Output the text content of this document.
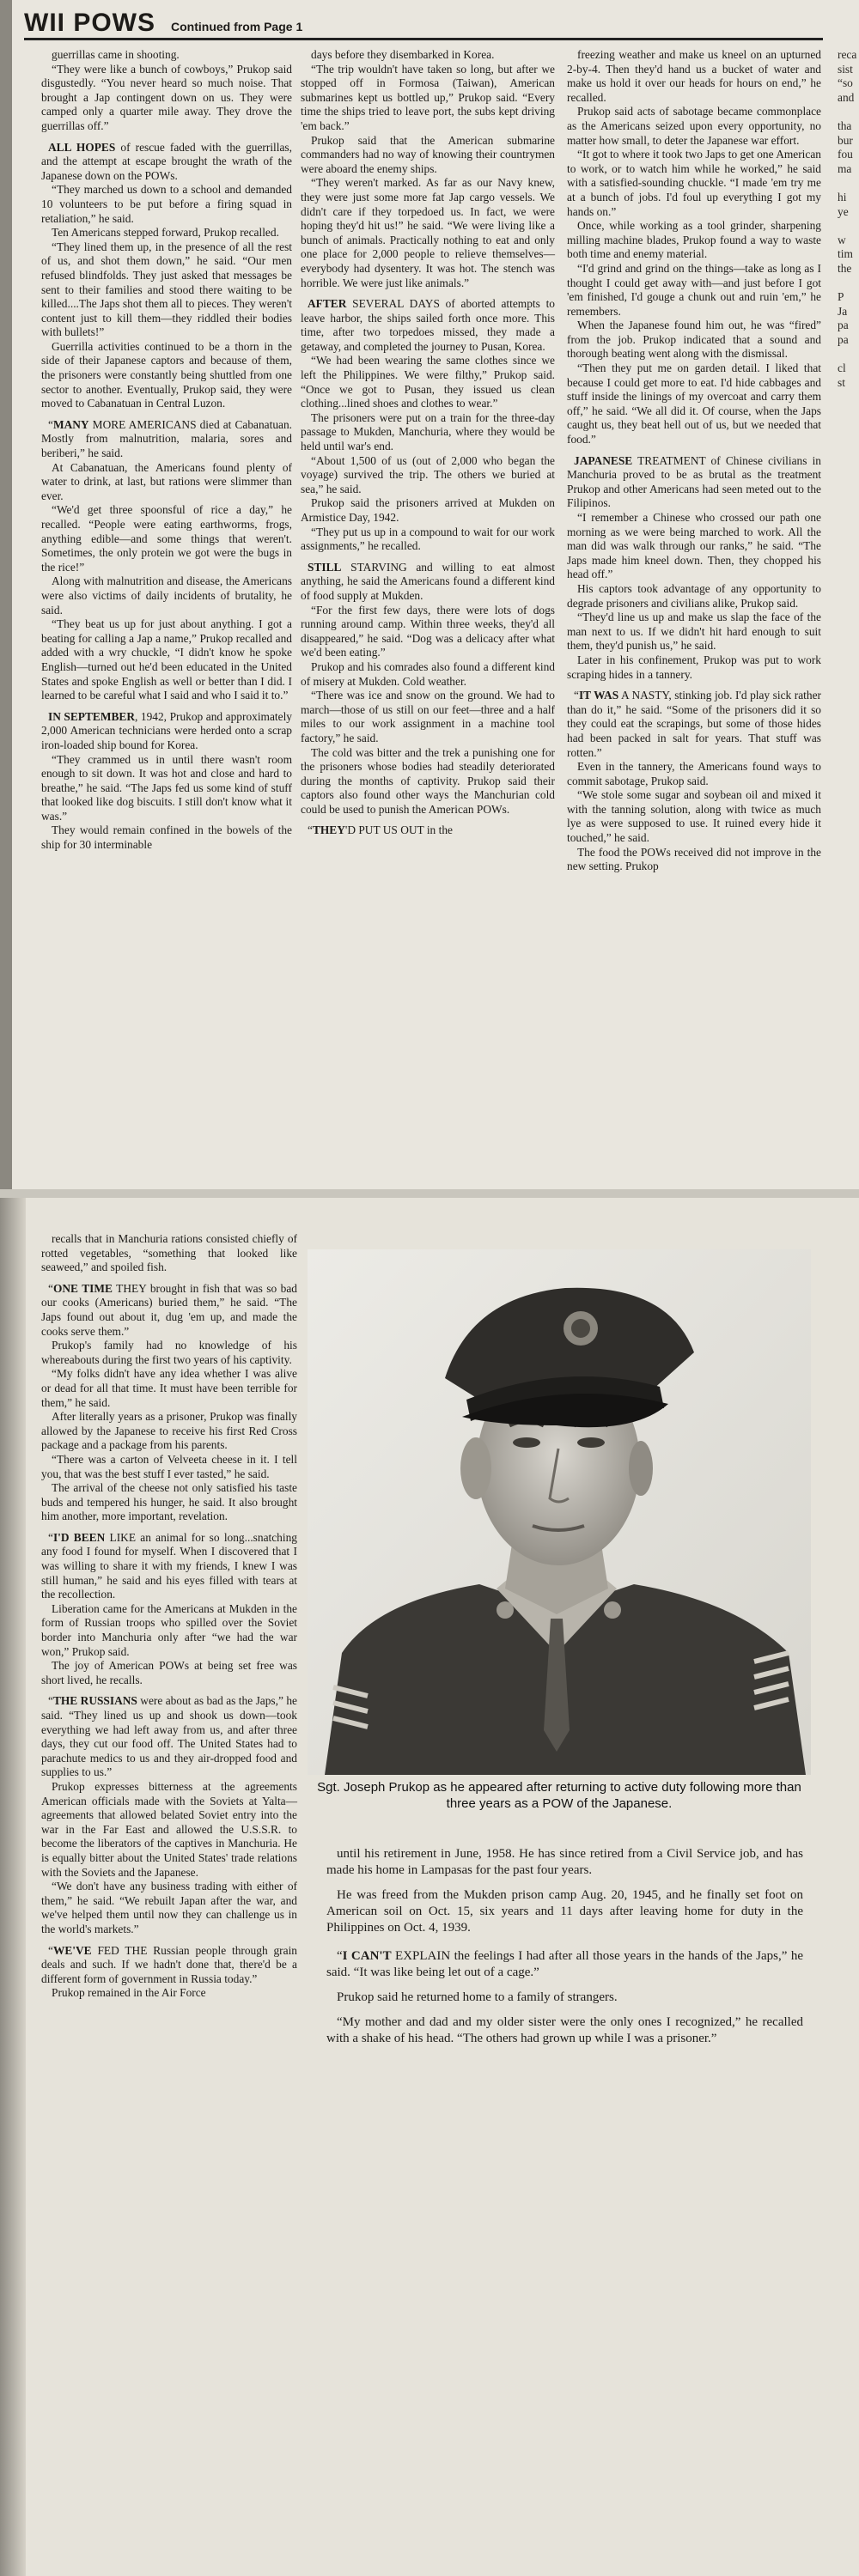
WII POWS Continued from Page 1

guerrillas came in shooting.

“They were like a bunch of cowboys,” Prukop said disgustedly. “You never heard so much noise. That brought a Jap contingent down on us. They were camped only a quarter mile away. They drove the guerrillas off.”

ALL HOPES of rescue faded with the guerrillas, and the attempt at escape brought the wrath of the Japanese down on the POWs.

“They marched us down to a school and demanded 10 volunteers to be put before a firing squad in retaliation,” he said.

Ten Americans stepped forward, Prukop recalled.

“They lined them up, in the presence of all the rest of us, and shot them down,” he said. “Our men refused blindfolds. They just asked that messages be sent to their families and stood there waiting to be killed....The Japs shot them all to pieces. They weren't content just to kill them—they riddled their bodies with bullets!”

Guerrilla activities continued to be a thorn in the side of their Japanese captors and because of them, the prisoners were constantly being shuttled from one sector to another. Eventually, Prukop said, they were moved to Cabanatuan in Central Luzon.

“MANY MORE AMERICANS died at Cabanatuan. Mostly from malnutrition, malaria, sores and beriberi,” he said.

At Cabanatuan, the Americans found plenty of water to drink, at last, but rations were slimmer than ever.

“We'd get three spoonsful of rice a day,” he recalled. “People were eating earthworms, frogs, anything edible—and some things that weren't. Sometimes, the only protein we got were the bugs in the rice!”

Along with malnutrition and disease, the Americans were also victims of daily incidents of brutality, he said.

“They beat us up for just about anything. I got a beating for calling a Jap a name,” Prukop recalled and added with a wry chuckle, “I didn't know he spoke English—turned out he'd been educated in the United States and spoke English as well or better than I did. I learned to be careful what I said and who I said it to.”

IN SEPTEMBER, 1942, Prukop and approximately 2,000 American technicians were herded onto a scrap iron-loaded ship bound for Korea.

“They crammed us in until there wasn't room enough to sit down. It was hot and close and hard to breathe,” he said. “The Japs fed us some kind of stuff that looked like dog biscuits. I still don't know what it was.”

They would remain confined in the bowels of the ship for 30 interminable

days before they disembarked in Korea.

“The trip wouldn't have taken so long, but after we stopped off in Formosa (Taiwan), American submarines kept us bottled up,” Prukop said. “Every time the ships tried to leave port, the subs kept driving 'em back.”

Prukop said that the American submarine commanders had no way of knowing their countrymen were aboard the enemy ships.

“They weren't marked. As far as our Navy knew, they were just some more fat Jap cargo vessels. We didn't care if they torpedoed us. In fact, we were hoping they'd hit us!” he said. “We were living like a bunch of animals. Practically nothing to eat and only one place for 2,000 people to relieve themselves—everybody had dysentery. It was hot. The stench was horrible. We were just like animals.”

AFTER SEVERAL DAYS of aborted attempts to leave harbor, the ships sailed forth once more. This time, after two torpedoes missed, they made a getaway, and completed the journey to Pusan, Korea.

“We had been wearing the same clothes since we left the Philippines. We were filthy,” Prukop said. “Once we got to Pusan, they issued us clean clothing...lined shoes and clothes to wear.”

The prisoners were put on a train for the three-day passage to Mukden, Manchuria, where they would be held until war's end.

“About 1,500 of us (out of 2,000 who began the voyage) survived the trip. The others we buried at sea,” he said.

Prukop said the prisoners arrived at Mukden on Armistice Day, 1942.

“They put us up in a compound to wait for our work assignments,” he recalled.

STILL STARVING and willing to eat almost anything, he said the Americans found a different kind of food supply at Mukden.

“For the first few days, there were lots of dogs running around camp. Within three weeks, they'd all disappeared,” he said. “Dog was a delicacy after what we'd been eating.”

Prukop and his comrades also found a different kind of misery at Mukden. Cold weather.

“There was ice and snow on the ground. We had to march—those of us still on our feet—three and a half miles to our work assignment in a machine tool factory,” he said.

The cold was bitter and the trek a punishing one for the prisoners whose bodies had steadily deteriorated during the months of captivity. Prukop said their captors also found other ways the Manchurian cold could be used to punish the American POWs.

“THEY'D PUT US OUT in the

freezing weather and make us kneel on an upturned 2-by-4. Then they'd hand us a bucket of water and make us hold it over our heads for hours on end,” he recalled.

Prukop said acts of sabotage became commonplace as the Americans seized upon every opportunity, no matter how small, to deter the Japanese war effort.

“It got to where it took two Japs to get one American to work, or to watch him while he worked,” he said with a satisfied-sounding chuckle. “I made 'em try me at a bunch of jobs. I'd foul up everything I got my hands on.”

Once, while working as a tool grinder, sharpening milling machine blades, Prukop found a way to waste both time and enemy material.

“I'd grind and grind on the things—take as long as I thought I could get away with—and just before I got 'em finished, I'd gouge a chunk out and ruin 'em,” he remembers.

When the Japanese found him out, he was “fired” from the job. Prukop indicated that a sound and thorough beating went along with the dismissal.

“Then they put me on garden detail. I liked that because I could get more to eat. I'd hide cabbages and stuff inside the linings of my overcoat and carry them off,” he said. “We all did it. Of course, when the Japs caught us, they beat hell out of us, but we needed that food.”

JAPANESE TREATMENT of Chinese civilians in Manchuria proved to be as brutal as the treatment Prukop and other Americans had seen meted out to the Filipinos.

“I remember a Chinese who crossed our path one morning as we were being marched to work. All the man did was walk through our ranks,” he said. “The Japs made him kneel down. Then, they chopped his head off.”

His captors took advantage of any opportunity to degrade prisoners and civilians alike, Prukop said.

“They'd line us up and make us slap the face of the man next to us. If we didn't hit hard enough to suit them, they'd punish us,” he said.

Later in his confinement, Prukop was put to work scraping hides in a tannery.

“IT WAS A NASTY, stinking job. I'd play sick rather than do it,” he said. “Some of the prisoners did it so they could eat the scrapings, but some of those hides had been packed in salt for years. That stuff was rotten.”

Even in the tannery, the Americans found ways to commit sabotage, Prukop said.

“We stole some sugar and soybean oil and mixed it with the tanning solution, along with twice as much lye as were supposed to use. It ruined every hide it touched,” he said.

The food the POWs received did not improve in the new setting. Prukop

reca
sist
“so
and
tha
bur
fou
ma
hi
ye
w
tim
the
P
Ja
pa
pa
cl
st

recalls that in Manchuria rations consisted chiefly of rotted vegetables, “something that looked like seaweed,” and spoiled fish.

“ONE TIME THEY brought in fish that was so bad our cooks (Americans) buried them,” he said. “The Japs found out about it, dug 'em up, and made the cooks serve them.”

Prukop's family had no knowledge of his whereabouts during the first two years of his captivity.

“My folks didn't have any idea whether I was alive or dead for all that time. It must have been terrible for them,” he said.

After literally years as a prisoner, Prukop was finally allowed by the Japanese to receive his first Red Cross package and a package from his parents.

“There was a carton of Velveeta cheese in it. I tell you, that was the best stuff I ever tasted,” he said.

The arrival of the cheese not only satisfied his taste buds and tempered his hunger, he said. It also brought him another, more important, revelation.

“I'D BEEN LIKE an animal for so long...snatching any food I found for myself. When I discovered that I was willing to share it with my friends, I knew I was still human,” he said and his eyes filled with tears at the recollection.

Liberation came for the Americans at Mukden in the form of Russian troops who spilled over the Soviet border into Manchuria only after “we had the war won,” Prukop said.

The joy of American POWs at being set free was short lived, he recalls.

“THE RUSSIANS were about as bad as the Japs,” he said. “They lined us up and shook us down—took everything we had left away from us, and after three days, they cut our food off. The United States had to parachute medics to us and they air-dropped food and supplies to us.”

Prukop expresses bitterness at the agreements American officials made with the Soviets at Yalta—agreements that allowed belated Soviet entry into the war in the Far East and allowed the U.S.S.R. to become the liberators of the captives in Manchuria. He is equally bitter about the United States' trade relations with the Soviets and the Japanese.

“We don't have any business trading with either of them,” he said. “We rebuilt Japan after the war, and we've helped them until now they can challenge us in the world's markets.”

“WE'VE FED THE Russian people through grain deals and such. If we hadn't done that, there'd be a different form of government in Russia today.”

Prukop remained in the Air Force

Sgt. Joseph Prukop as he appeared after returning to active duty following more than three years as a POW of the Japanese.

until his retirement in June, 1958. He has since retired from a Civil Service job, and has made his home in Lampasas for the past four years.

He was freed from the Mukden prison camp Aug. 20, 1945, and he finally set foot on American soil on Oct. 15, six years and 11 days after leaving home for duty in the Philippines on Oct. 4, 1939.

“I CAN'T EXPLAIN the feelings I had after all those years in the hands of the Japs,” he said. “It was like being let out of a cage.”

Prukop said he returned home to a family of strangers.

“My mother and dad and my older sister were the only ones I recognized,” he recalled with a shake of his head. “The others had grown up while I was a prisoner.”
